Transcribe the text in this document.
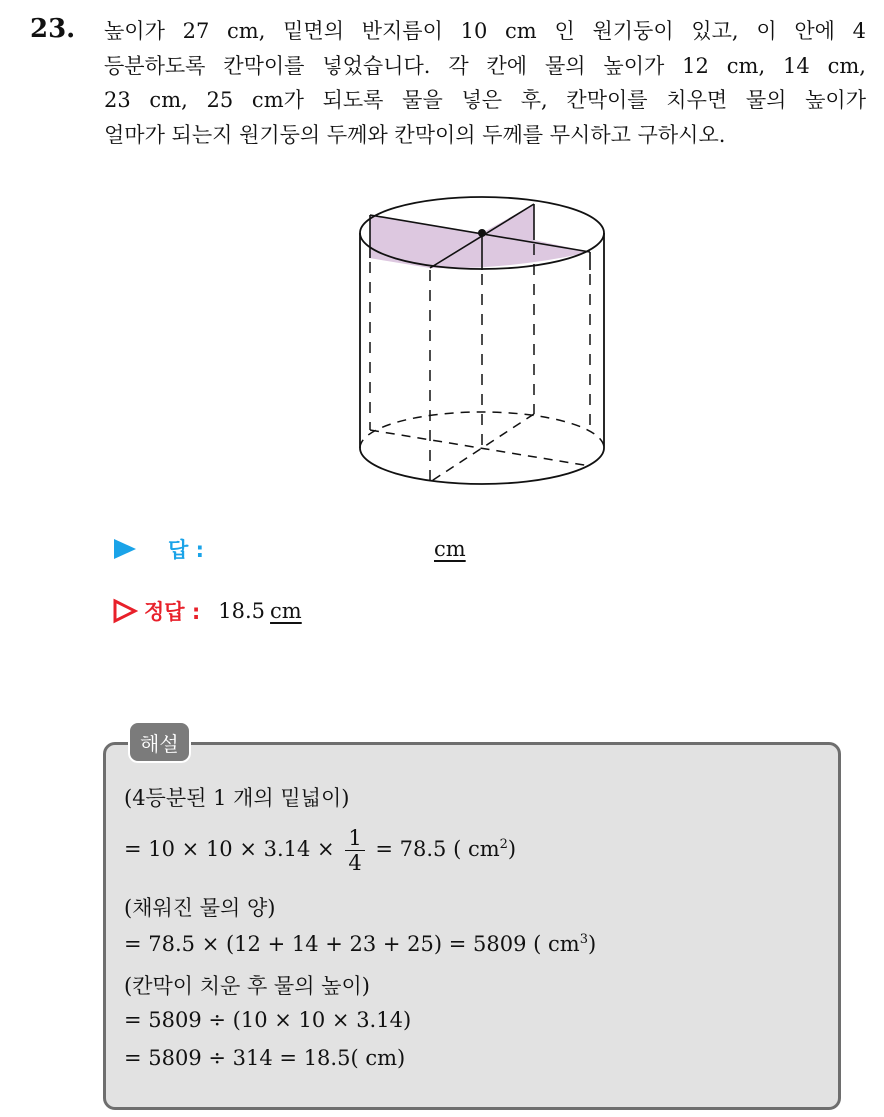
23. 높이가 27 cm, 밑면의 반지름이 10 cm 인 원기둥이 있고, 이 안에 4
등분하도록 칸막이를 넣었습니다. 각 칸에 물의 높이가 12 cm, 14 cm,
23 cm, 25 cm가 되도록 물을 넣은 후, 칸막이를 치우면 물의 높이가
얼마가 되는지 원기둥의 두께와 칸막이의 두께를 무시하고 구하시오.
답 :	cm
정답 : 18.5 cm
해설
(4등분된 1 개의 밑넓이)
= $10 \times 10 \times 3.14 \times \frac{1}{4} = 78.5$ ( $cm^2$)
(채워진 물의 양)
= 78.5 × (12 + 14 + 23 + 25) = 5809 ( $cm^3$)
(칸막이 치운 후 물의 높이)
= 5809 ÷ (10 × 10 × 3.14)
= 5809 ÷ 314 = 18.5( cm)
